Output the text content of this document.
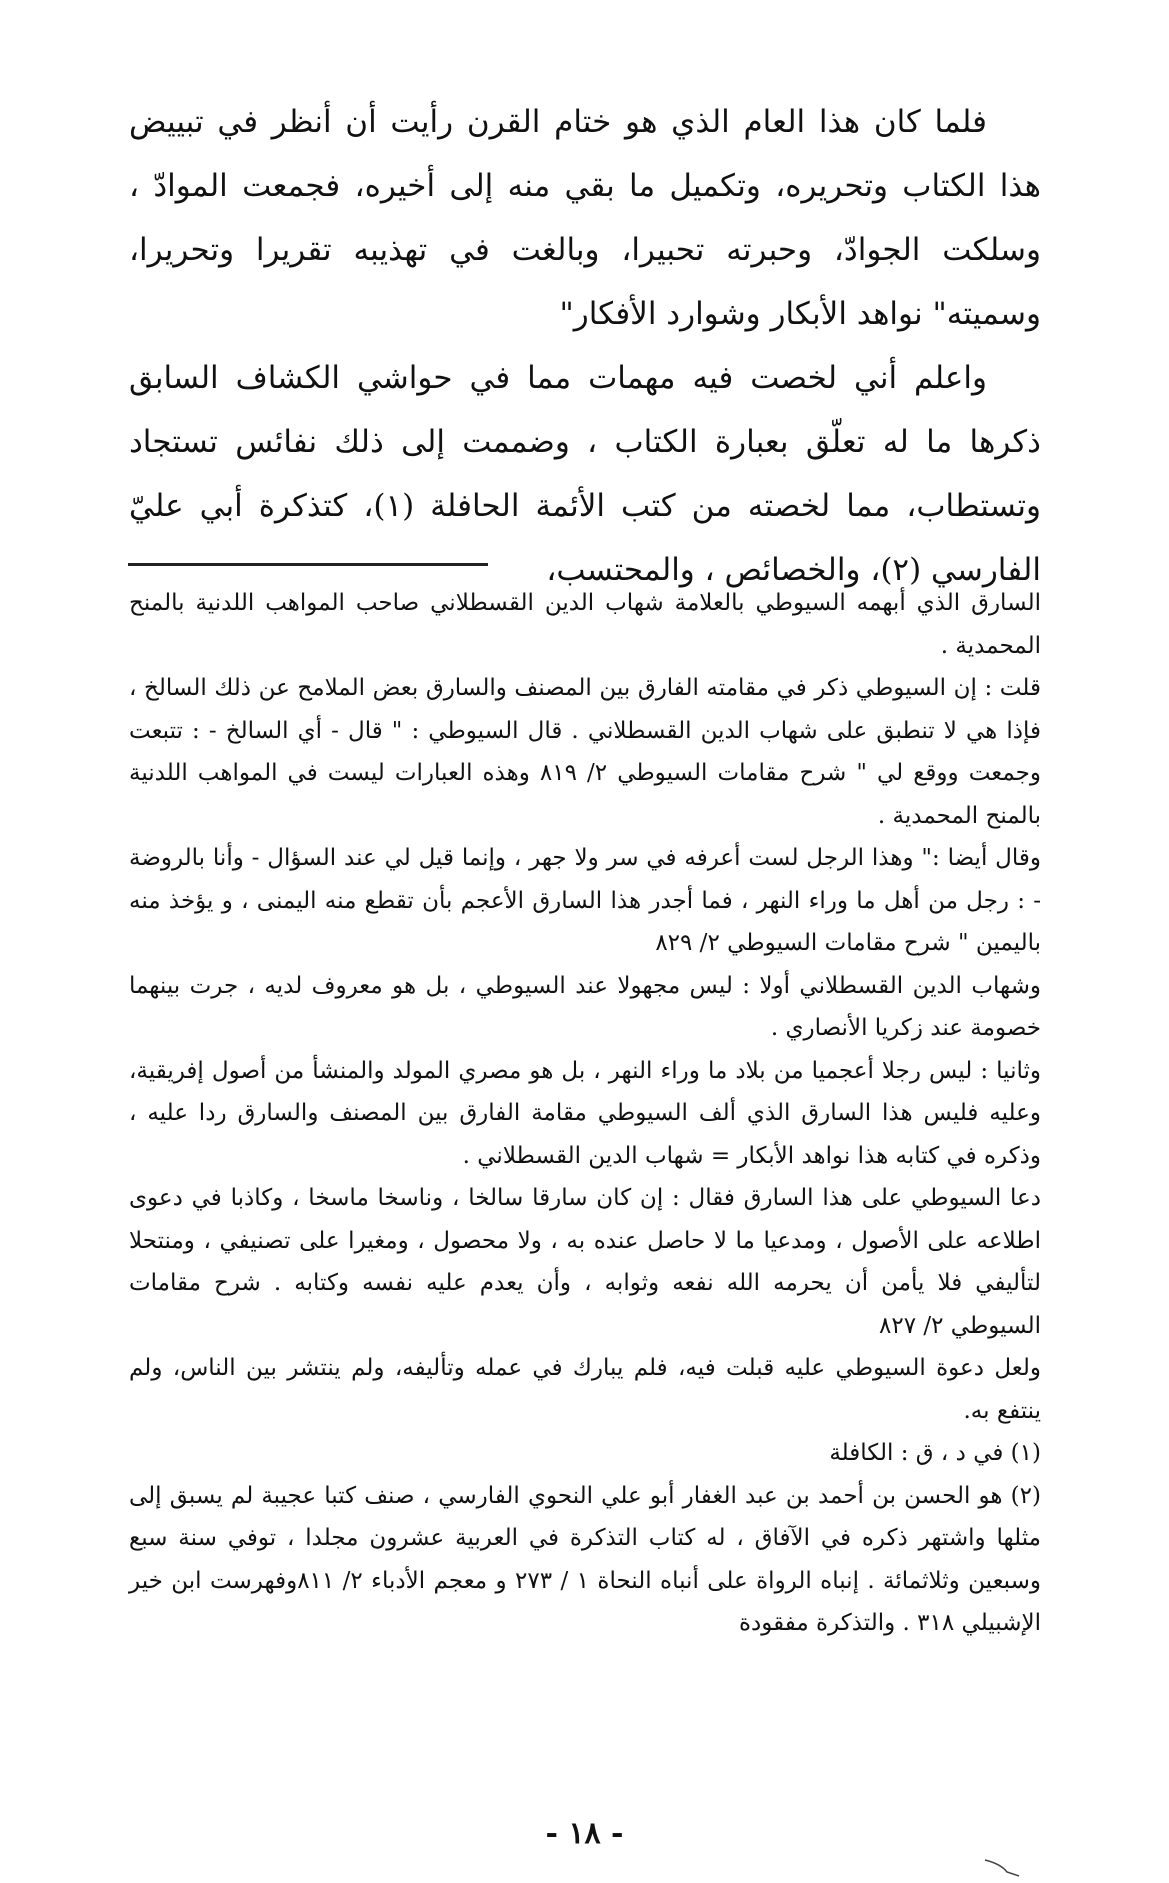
فلما كان هذا العام الذي هو ختام القرن رأيت أن أنظر في تبييض هذا الكتاب وتحريره، وتكميل ما بقي منه إلى أخيره، فجمعت الموادّ ، وسلكت الجوادّ، وحبرته تحبيرا، وبالغت في تهذيبه تقريرا وتحريرا، وسميته" نواهد الأبكار وشوارد الأفكار"

واعلم أني لخصت فيه مهمات مما في حواشي الكشاف السابق ذكرها ما له تعلّق بعبارة الكتاب ، وضممت إلى ذلك نفائس تستجاد وتستطاب، مما لخصته من كتب الأئمة الحافلة (١)، كتذكرة أبي عليّ الفارسي (٢)، والخصائص ، والمحتسب،

السارق الذي أبهمه السيوطي بالعلامة شهاب الدين القسطلاني صاحب المواهب اللدنية بالمنح المحمدية .

قلت : إن السيوطي ذكر في مقامته الفارق بين المصنف والسارق بعض الملامح عن ذلك السالخ ، فإذا هي لا تنطبق على شهاب الدين القسطلاني . قال السيوطي : " قال - أي السالخ - : تتبعت وجمعت ووقع لي " شرح مقامات السيوطي ٢/ ٨١٩ وهذه العبارات ليست في المواهب اللدنية بالمنح المحمدية .

وقال أيضا :" وهذا الرجل لست أعرفه في سر ولا جهر ، وإنما قيل لي عند السؤال - وأنا بالروضة - : رجل من أهل ما وراء النهر ، فما أجدر هذا السارق الأعجم بأن تقطع منه اليمنى ، و يؤخذ منه باليمين " شرح مقامات السيوطي ٢/ ٨٢٩

وشهاب الدين القسطلاني أولا : ليس مجهولا عند السيوطي ، بل هو معروف لديه ، جرت بينهما خصومة عند زكريا الأنصاري .

وثانيا : ليس رجلا أعجميا من بلاد ما وراء النهر ، بل هو مصري المولد والمنشأ من أصول إفريقية، وعليه فليس هذا السارق الذي ألف السيوطي مقامة الفارق بين المصنف والسارق ردا عليه ، وذكره في كتابه هذا نواهد الأبكار = شهاب الدين القسطلاني .

دعا السيوطي على هذا السارق فقال : إن كان سارقا سالخا ، وناسخا ماسخا ، وكاذبا في دعوى اطلاعه على الأصول ، ومدعيا ما لا حاصل عنده به ، ولا محصول ، ومغيرا على تصنيفي ، ومنتحلا لتأليفي فلا يأمن أن يحرمه الله نفعه وثوابه ، وأن يعدم عليه نفسه وكتابه . شرح مقامات السيوطي ٢/ ٨٢٧

ولعل دعوة السيوطي عليه قبلت فيه، فلم يبارك في عمله وتأليفه، ولم ينتشر بين الناس، ولم ينتفع به.

(١) في د ، ق : الكافلة

(٢) هو الحسن بن أحمد بن عبد الغفار أبو علي النحوي الفارسي ، صنف كتبا عجيبة لم يسبق إلى مثلها واشتهر ذكره في الآفاق ، له كتاب التذكرة في العربية عشرون مجلدا ، توفي سنة سبع وسبعين وثلاثمائة . إنباه الرواة على أنباه النحاة ١ / ٢٧٣ و معجم الأدباء ٢/ ٨١١وفهرست ابن خير الإشبيلي ٣١٨ . والتذكرة مفقودة

- ١٨ -
